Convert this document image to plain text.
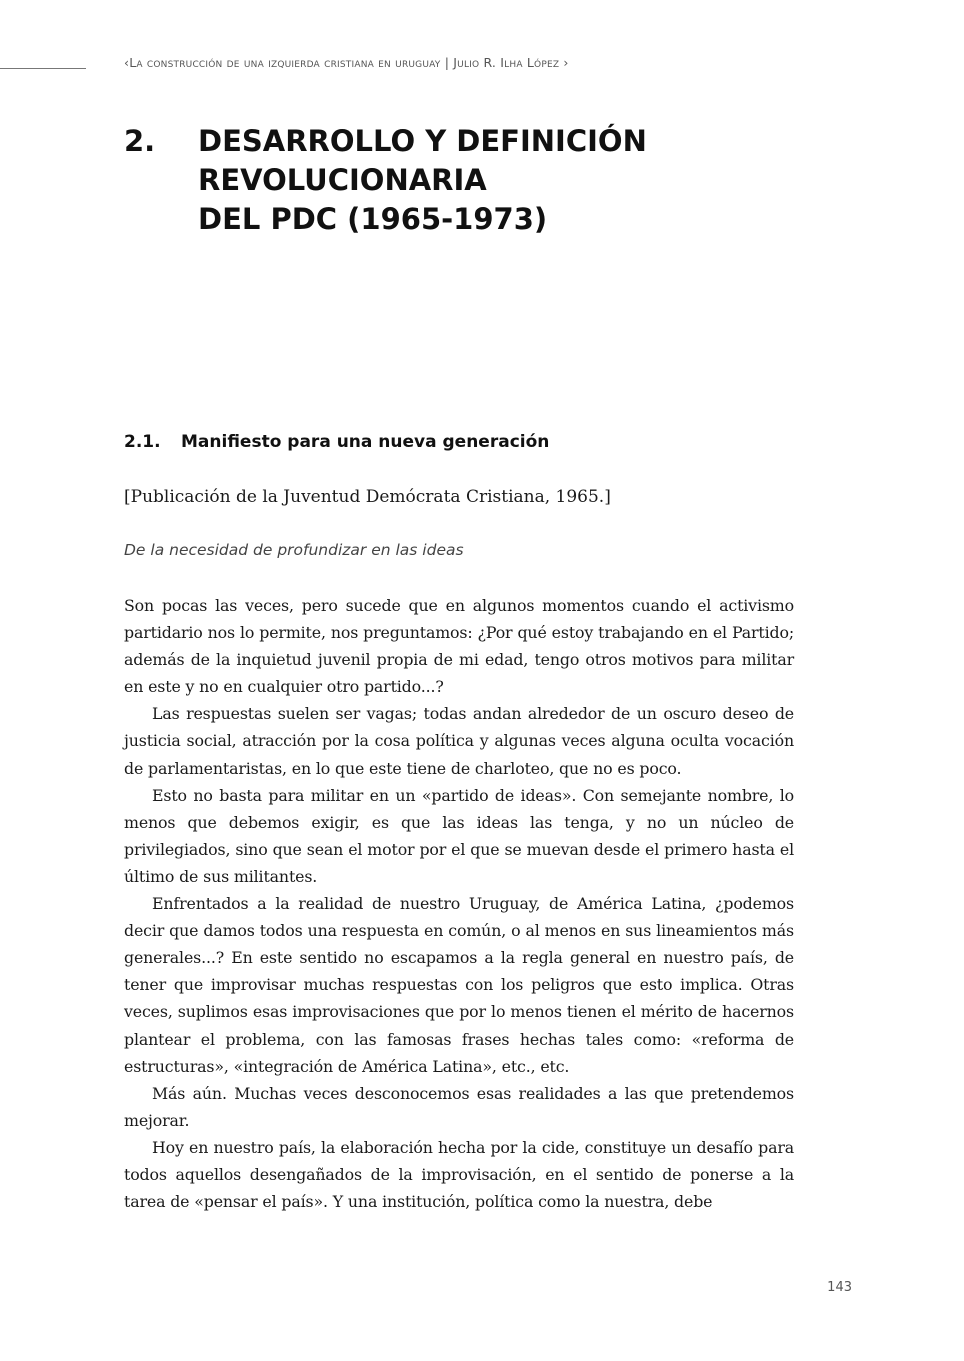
‹La construcción de una izquierda cristiana en uruguay | Julio R. Ilha López ›
2.	DESARROLLO Y DEFINICIÓN
REVOLUCIONARIA
DEL PDC (1965-1973)
2.1. Manifiesto para una nueva generación
[Publicación de la Juventud Demócrata Cristiana, 1965.]
De la necesidad de profundizar en las ideas

Son pocas las veces, pero sucede que en algunos momentos cuando el activismo partidario nos lo permite, nos preguntamos: ¿Por qué estoy trabajando en el Partido; además de la inquietud juvenil propia de mi edad, tengo otros motivos para militar en este y no en cualquier otro partido...?

Las respuestas suelen ser vagas; todas andan alrededor de un oscuro deseo de justicia social, atracción por la cosa política y algunas veces alguna oculta vocación de parlamentaristas, en lo que este tiene de charloteo, que no es poco.

Esto no basta para militar en un «partido de ideas». Con semejante nombre, lo menos que debemos exigir, es que las ideas las tenga, y no un núcleo de privilegiados, sino que sean el motor por el que se muevan desde el primero hasta el último de sus militantes.

Enfrentados a la realidad de nuestro Uruguay, de América Latina, ¿podemos decir que damos todos una respuesta en común, o al menos en sus lineamientos más generales...? En este sentido no escapamos a la regla general en nuestro país, de tener que improvisar muchas respuestas con los peligros que esto implica. Otras veces, suplimos esas improvisaciones que por lo menos tienen el mérito de hacernos plantear el problema, con las famosas frases hechas tales como: «reforma de estructuras», «integración de América Latina», etc., etc.

Más aún. Muchas veces desconocemos esas realidades a las que pretendemos mejorar.

Hoy en nuestro país, la elaboración hecha por la cide, constituye un desafío para todos aquellos desengañados de la improvisación, en el sentido de ponerse a la tarea de «pensar el país». Y una institución, política como la nuestra, debe

143
